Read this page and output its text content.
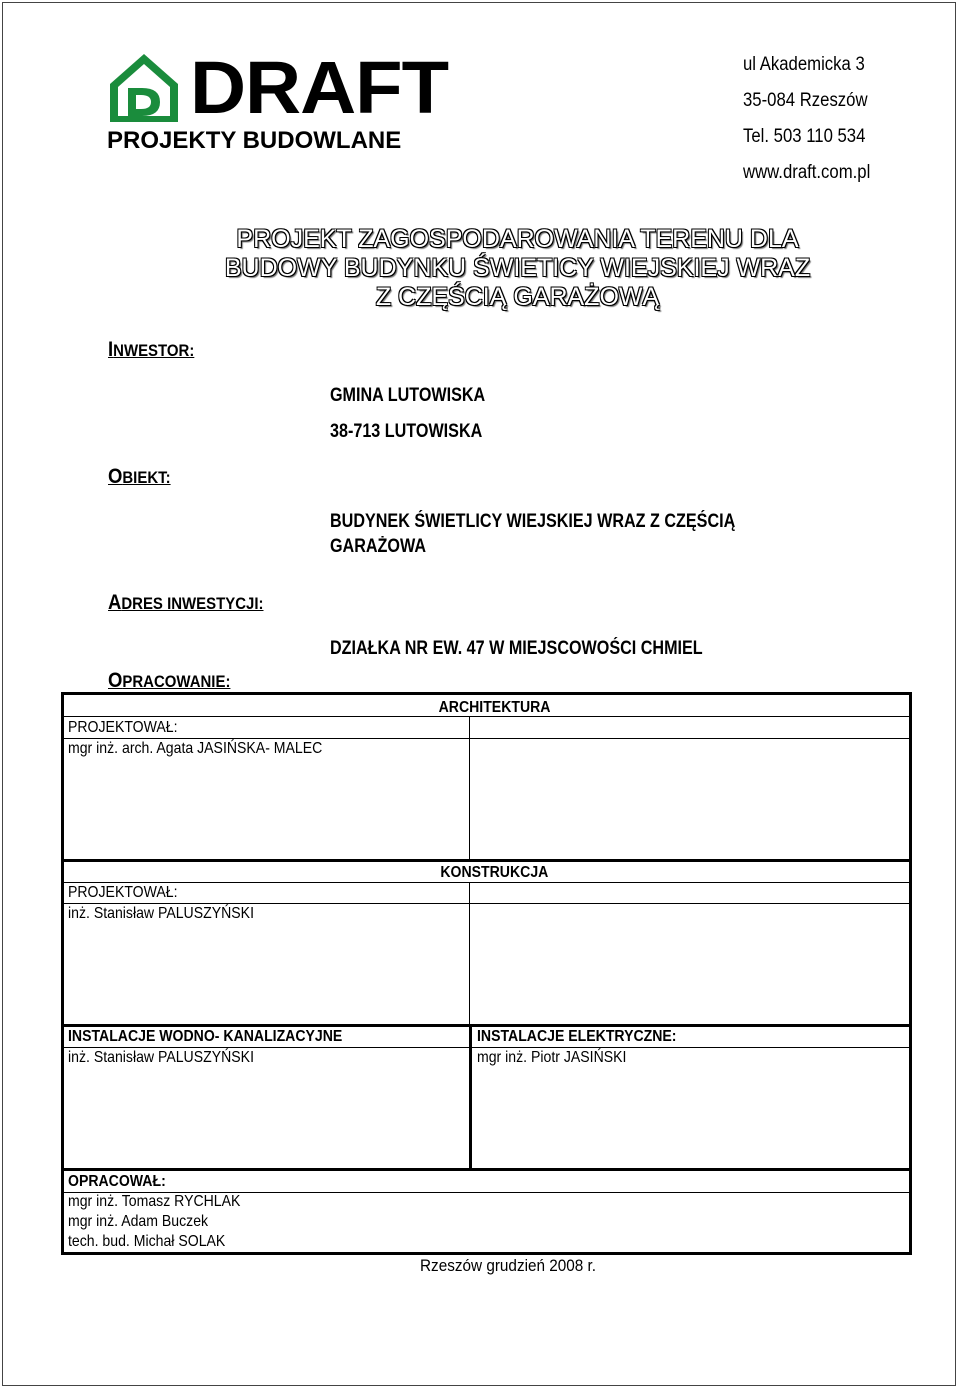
D DRAFT
PROJEKTY BUDOWLANE
ul Akademicka 3
35-084 Rzeszów
Tel. 503 110 534
www.draft.com.pl
PROJEKT ZAGOSPODAROWANIA TERENU DLA
BUDOWY BUDYNKU ŚWIETICY WIEJSKIEJ WRAZ
Z CZĘŚCIĄ GARAŻOWĄ
INWESTOR:
GMINA LUTOWISKA
38-713 LUTOWISKA
OBIEKT:
BUDYNEK ŚWIETLICY WIEJSKIEJ WRAZ Z CZĘŚCIĄ
GARAŻOWA
ADRES INWESTYCJI:
DZIAŁKA NR EW. 47 W MIEJSCOWOŚCI CHMIEL
OPRACOWANIE:
ARCHITEKTURA
PROJEKTOWAŁ:
mgr inż. arch. Agata JASIŃSKA- MALEC
KONSTRUKCJA
PROJEKTOWAŁ:
inż. Stanisław PALUSZYŃSKI
INSTALACJE WODNO- KANALIZACYJNE	INSTALACJE ELEKTRYCZNE:
inż. Stanisław PALUSZYŃSKI	mgr inż. Piotr JASIŃSKI
OPRACOWAŁ:
mgr inż. Tomasz RYCHLAK
mgr inż. Adam Buczek
tech. bud. Michał SOLAK
Rzeszów grudzień 2008 r.
